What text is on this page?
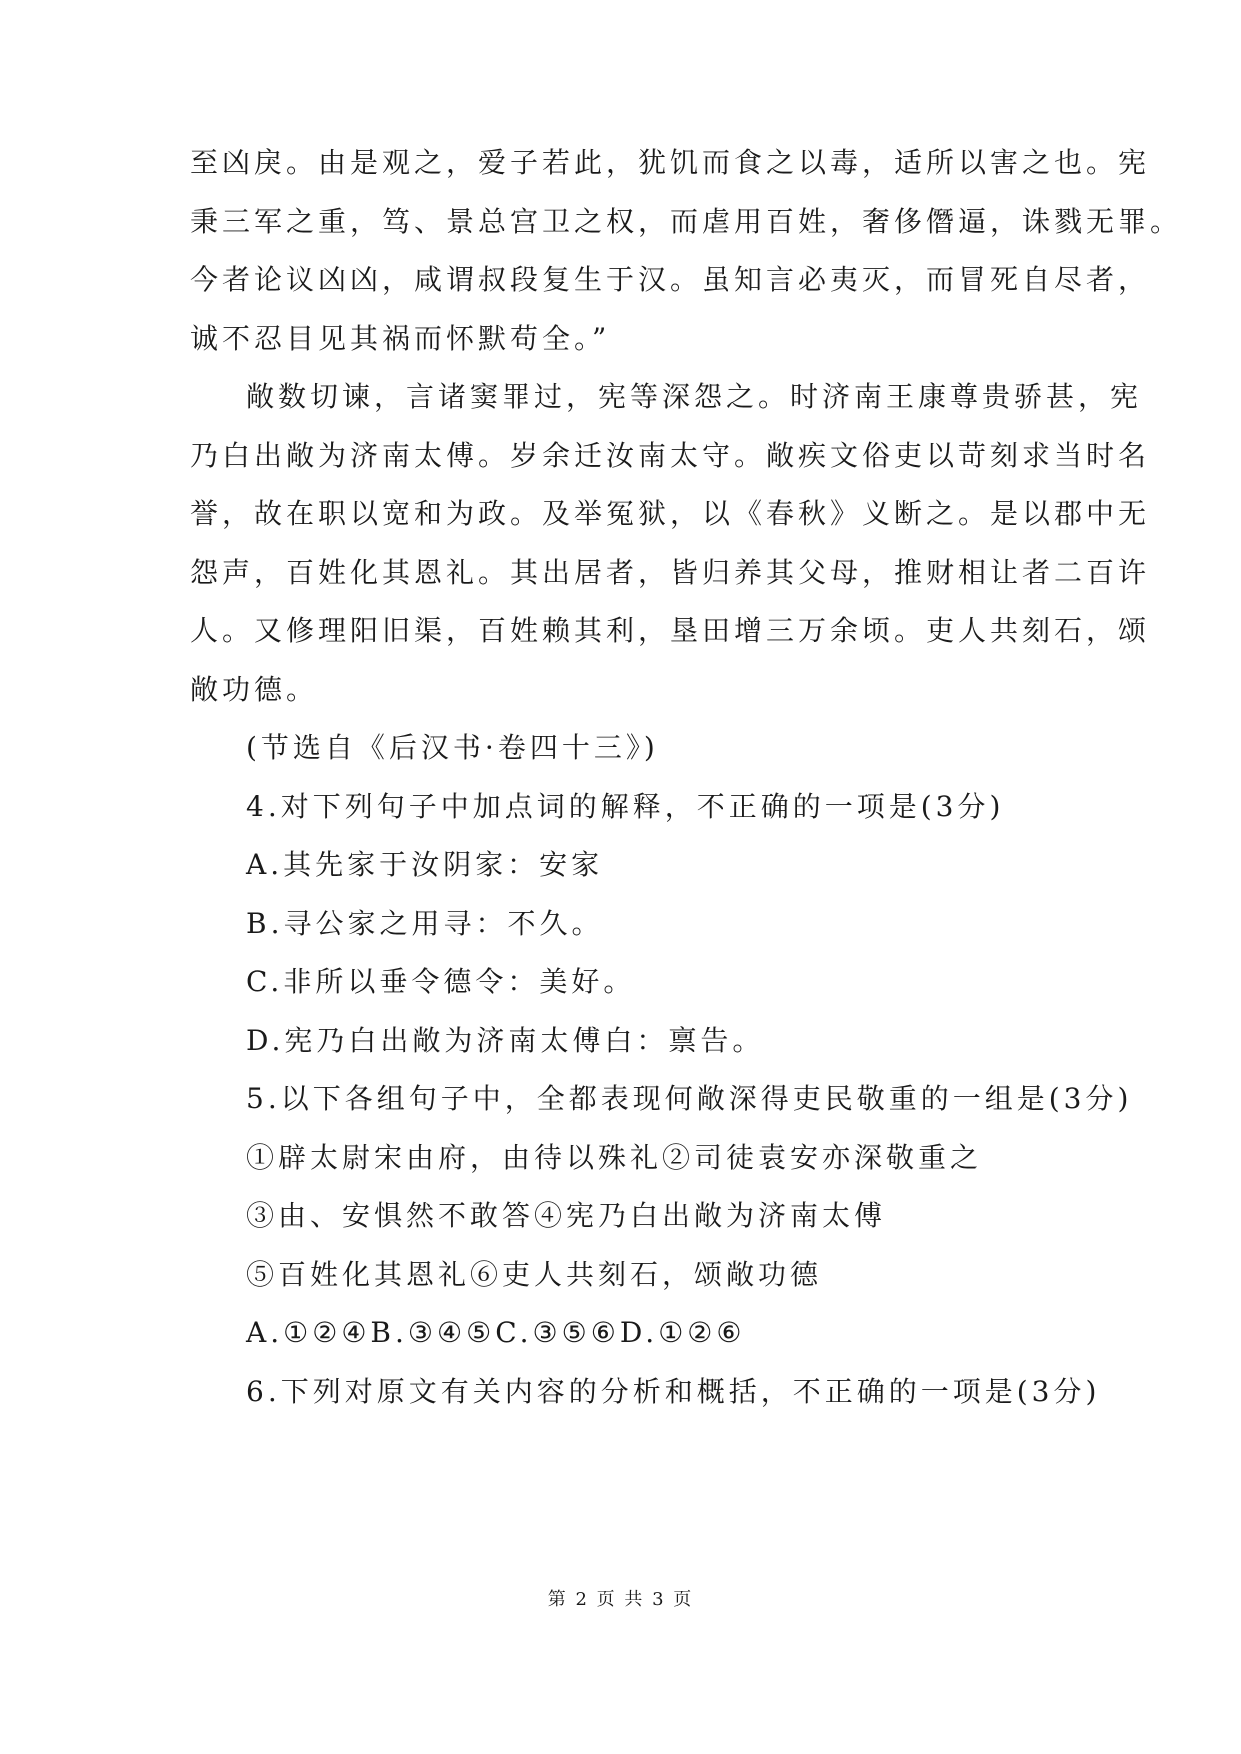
至凶戾。由是观之，爱子若此，犹饥而食之以毒，适所以害之也。宪
秉三军之重，笃、景总宫卫之权，而虐用百姓，奢侈僭逼，诛戮无罪。
今者论议凶凶，咸谓叔段复生于汉。虽知言必夷灭，而冒死自尽者，
诚不忍目见其祸而怀默苟全。”
敞数切谏，言诸窦罪过，宪等深怨之。时济南王康尊贵骄甚，宪
乃白出敞为济南太傅。岁余迁汝南太守。敞疾文俗吏以苛刻求当时名
誉，故在职以宽和为政。及举冤狱，以《春秋》义断之。是以郡中无
怨声，百姓化其恩礼。其出居者，皆归养其父母，推财相让者二百许
人。又修理阳旧渠，百姓赖其利，垦田增三万余顷。吏人共刻石，颂
敞功德。
(节选自《后汉书·卷四十三》)
4.对下列句子中加点词的解释，不正确的一项是(3分)
A.其先家于汝阴家：安家
B.寻公家之用寻：不久。
C.非所以垂令德令：美好。
D.宪乃白出敞为济南太傅白：禀告。
5.以下各组句子中，全都表现何敞深得吏民敬重的一组是(3分)
①辟太尉宋由府，由待以殊礼②司徒袁安亦深敬重之
③由、安惧然不敢答④宪乃白出敞为济南太傅
⑤百姓化其恩礼⑥吏人共刻石，颂敞功德
A.①②④B.③④⑤C.③⑤⑥D.①②⑥
6.下列对原文有关内容的分析和概括，不正确的一项是(3分)
第 2 页 共 3 页
